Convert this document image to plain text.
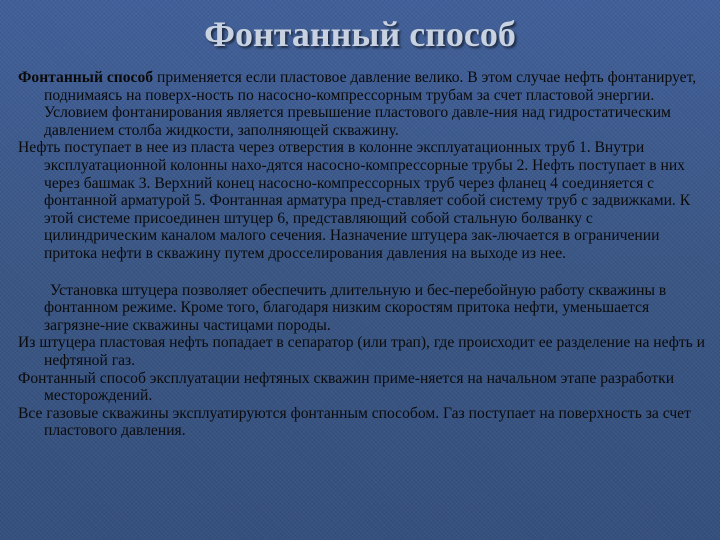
Фонтанный способ

Фонтанный способ применяется если пластовое давление велико. В этом случае нефть фонтанирует, поднимаясь на поверх-ность по насосно-компрессорным трубам за счет пластовой энергии. Условием фонтанирования является превышение пластового давле-ния над гидростатическим давлением столба жидкости, заполняющей скважину.

Нефть поступает в нее из пласта через отверстия в колонне эксплуатационных труб 1. Внутри эксплуатационной колонны нахо-дятся насосно-компрессорные трубы 2. Нефть поступает в них через башмак 3. Верхний конец насосно-компрессорных труб через фланец 4 соединяется с фонтанной арматурой 5. Фонтанная арматура пред-ставляет собой систему труб с задвижками. К этой системе присоединен штуцер 6, представляющий собой стальную болванку с цилиндрическим каналом малого сечения. Назначение штуцера зак-лючается в ограничении притока нефти в скважину путем дросселирования давления на выходе из нее.

Установка штуцера позволяет обеспечить длительную и бес-перебойную работу скважины в фонтанном режиме. Кроме того, благодаря низким скоростям притока нефти, уменьшается загрязне-ние скважины частицами породы.

Из штуцера пластовая нефть попадает в сепаратор (или трап), где происходит ее разделение на нефть и нефтяной газ.

Фонтанный способ эксплуатации нефтяных скважин приме-няется на начальном этапе разработки месторождений.

Все газовые скважины эксплуатируются фонтанным способом. Газ поступает на поверхность за счет пластового давления.
